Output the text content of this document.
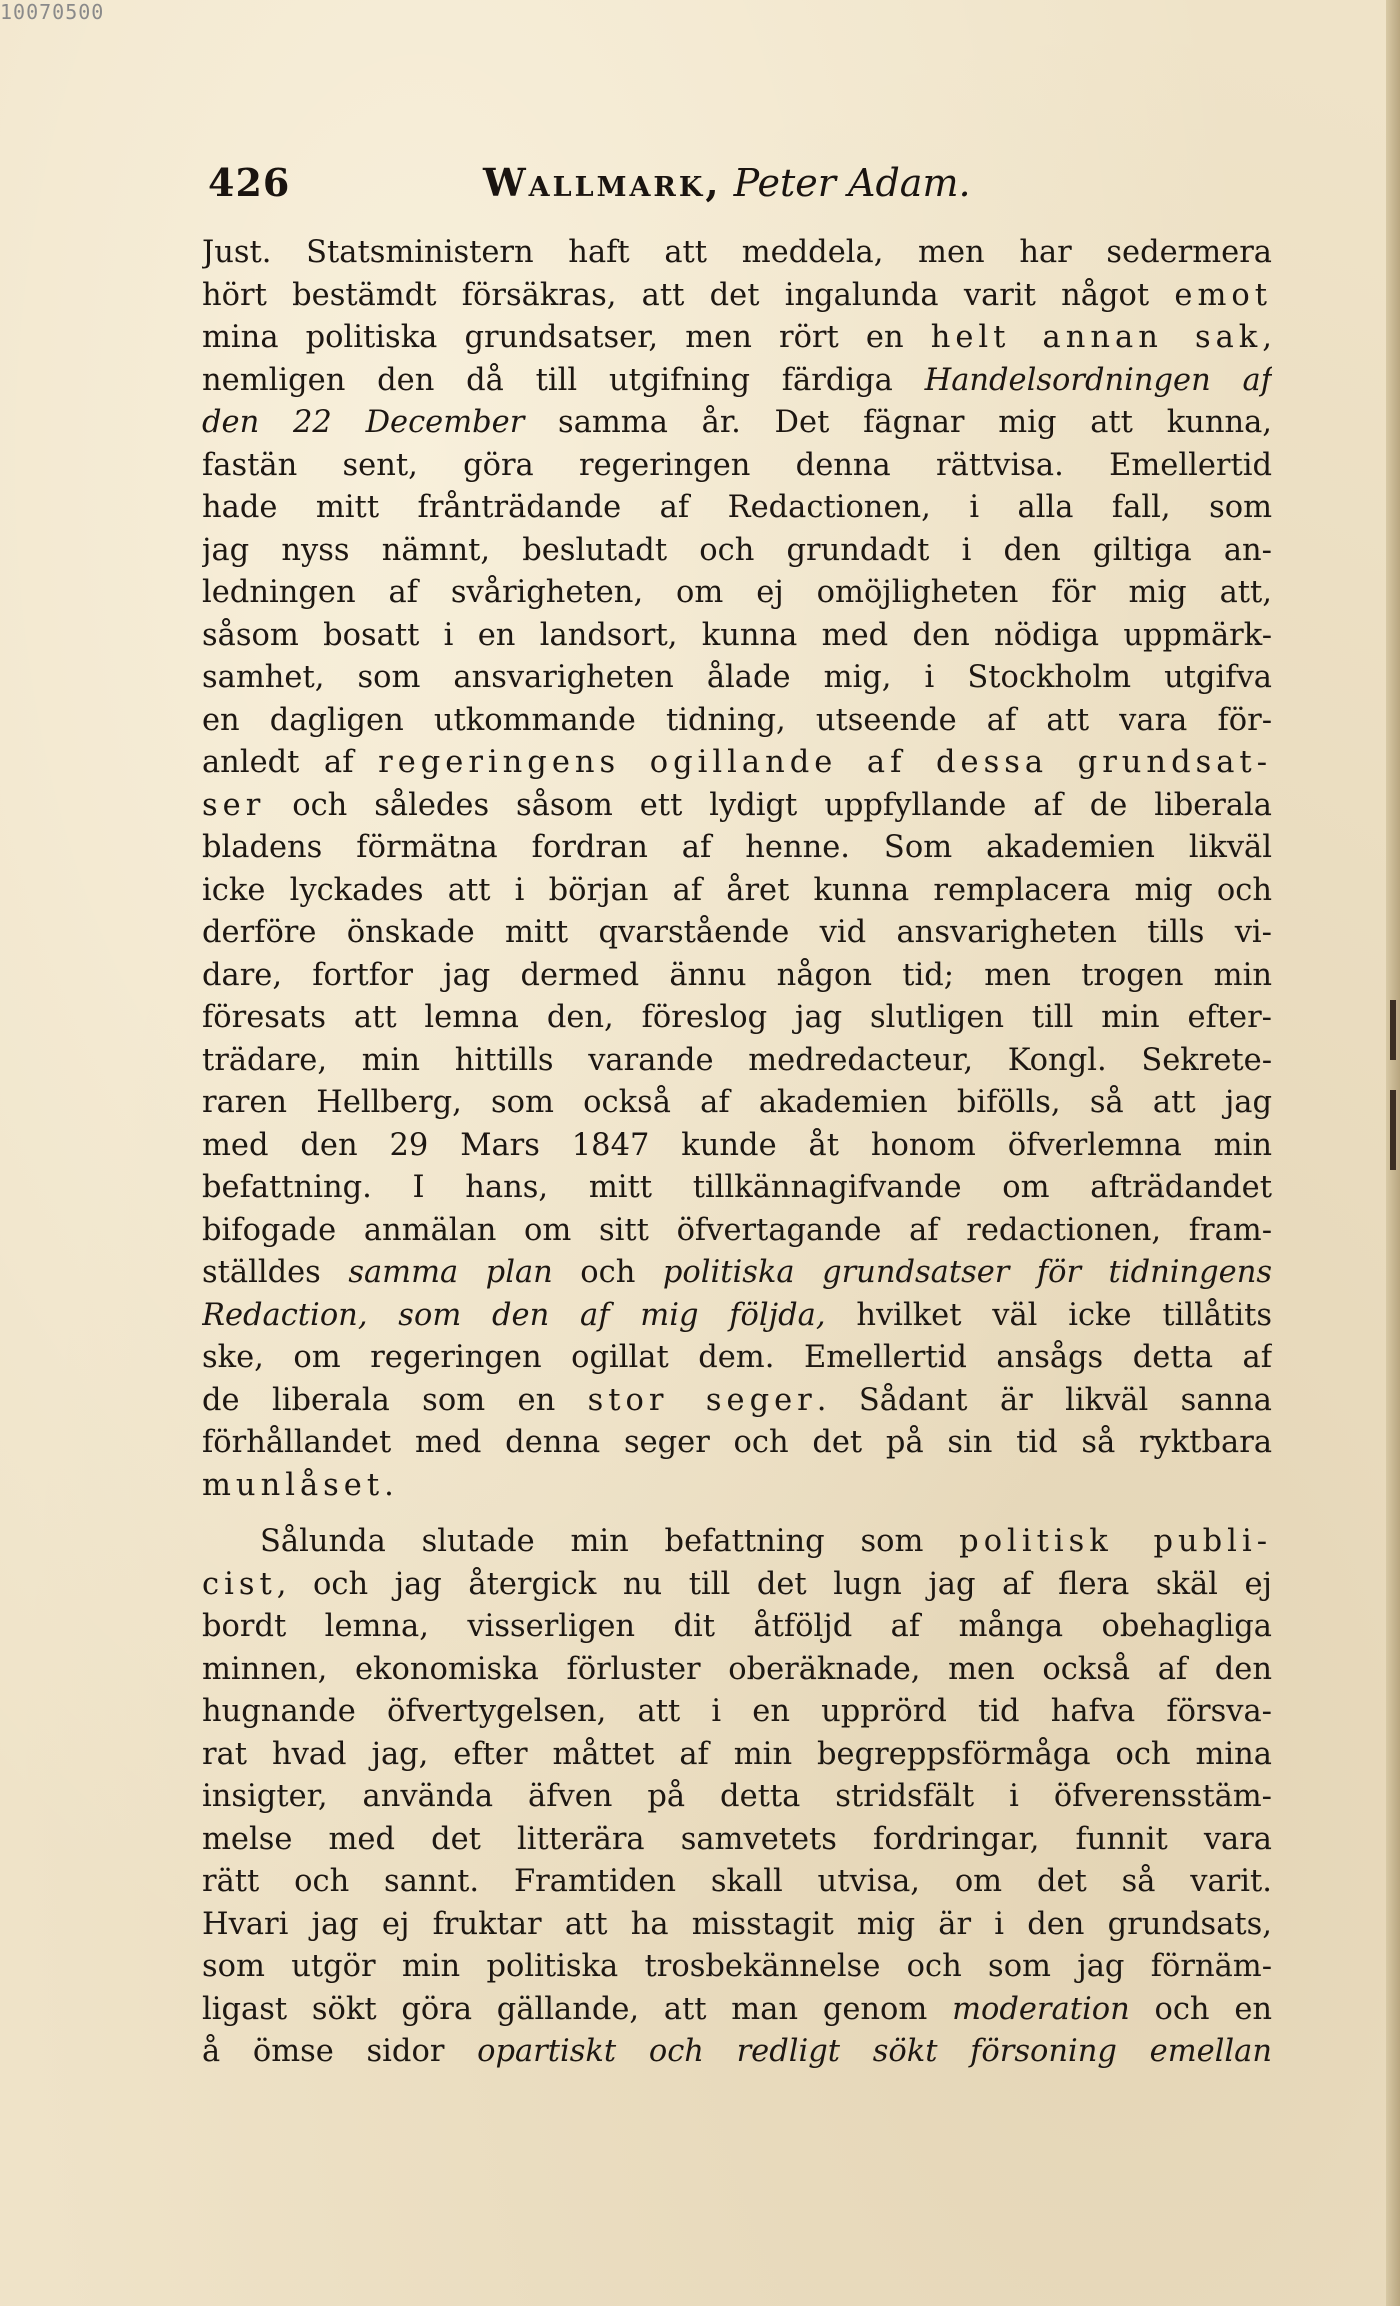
10070500
426	Wallmark, Peter Adam.
Just. Statsministern haft att meddela, men har sedermera
hört bestämdt försäkras, att det ingalunda varit något emot
mina politiska grundsatser, men rört en helt annan sak,
nemligen den då till utgifning färdiga Handelsordningen af
den 22 December samma år. Det fägnar mig att kunna,
fastän sent, göra regeringen denna rättvisa. Emellertid
hade mitt frånträdande af Redactionen, i alla fall, som
jag nyss nämnt, beslutadt och grundadt i den giltiga an-
ledningen af svårigheten, om ej omöjligheten för mig att,
såsom bosatt i en landsort, kunna med den nödiga uppmärk-
samhet, som ansvarigheten ålade mig, i Stockholm utgifva
en dagligen utkommande tidning, utseende af att vara för-
anledt af regeringens ogillande af dessa grundsat-
ser och således såsom ett lydigt uppfyllande af de liberala
bladens förmätna fordran af henne. Som akademien likväl
icke lyckades att i början af året kunna remplacera mig och
derföre önskade mitt qvarstående vid ansvarigheten tills vi-
dare, fortfor jag dermed ännu någon tid; men trogen min
föresats att lemna den, föreslog jag slutligen till min efter-
trädare, min hittills varande medredacteur, Kongl. Sekrete-
raren Hellberg, som också af akademien bifölls, så att jag
med den 29 Mars 1847 kunde åt honom öfverlemna min
befattning. I hans, mitt tillkännagifvande om afträdandet
bifogade anmälan om sitt öfvertagande af redactionen, fram-
ställdes samma plan och politiska grundsatser för tidningens
Redaction, som den af mig följda, hvilket väl icke tillåtits
ske, om regeringen ogillat dem. Emellertid ansågs detta af
de liberala som en stor seger. Sådant är likväl sanna
förhållandet med denna seger och det på sin tid så ryktbara
munlåset.
Sålunda slutade min befattning som politisk publi-
cist, och jag återgick nu till det lugn jag af flera skäl ej
bordt lemna, visserligen dit åtföljd af många obehagliga
minnen, ekonomiska förluster oberäknade, men också af den
hugnande öfvertygelsen, att i en upprörd tid hafva försva-
rat hvad jag, efter måttet af min begreppsförmåga och mina
insigter, använda äfven på detta stridsfält i öfverensstäm-
melse med det litterära samvetets fordringar, funnit vara
rätt och sannt. Framtiden skall utvisa, om det så varit.
Hvari jag ej fruktar att ha misstagit mig är i den grundsats,
som utgör min politiska trosbekännelse och som jag förnäm-
ligast sökt göra gällande, att man genom moderation och en
å ömse sidor opartiskt och redligt sökt försoning emellan
